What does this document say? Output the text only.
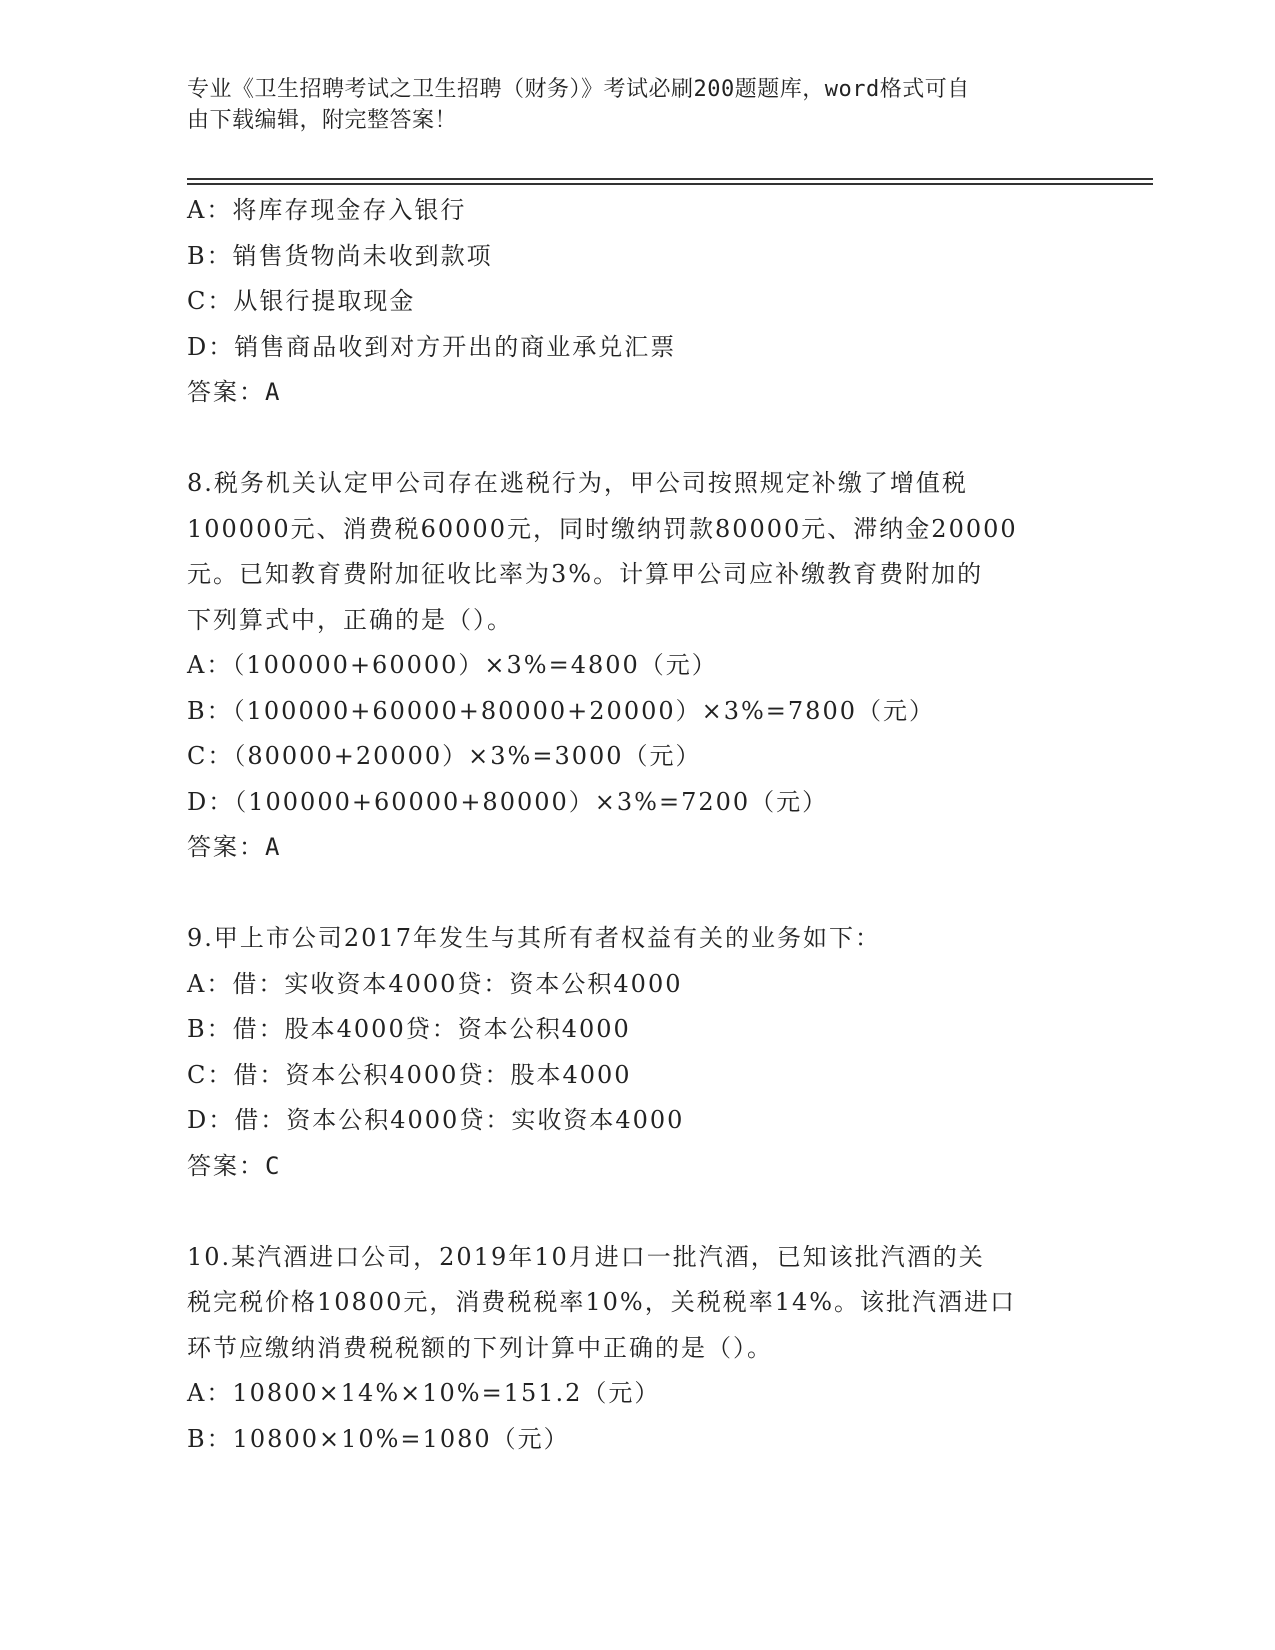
专业《卫生招聘考试之卫生招聘（财务）》考试必刷200题题库，word格式可自
由下载编辑，附完整答案！
A：将库存现金存入银行
B：销售货物尚未收到款项
C：从银行提取现金
D：销售商品收到对方开出的商业承兑汇票
答案：A
8.税务机关认定甲公司存在逃税行为，甲公司按照规定补缴了增值税
100000元、消费税60000元，同时缴纳罚款80000元、滞纳金20000
元。已知教育费附加征收比率为3%。计算甲公司应补缴教育费附加的
下列算式中，正确的是（）。
A：（100000+60000）×3%=4800（元）
B：（100000+60000+80000+20000）×3%=7800（元）
C：（80000+20000）×3%=3000（元）
D：（100000+60000+80000）×3%=7200（元）
答案：A
9.甲上市公司2017年发生与其所有者权益有关的业务如下：
A：借：实收资本4000贷：资本公积4000
B：借：股本4000贷：资本公积4000
C：借：资本公积4000贷：股本4000
D：借：资本公积4000贷：实收资本4000
答案：C
10.某汽酒进口公司，2019年10月进口一批汽酒，已知该批汽酒的关
税完税价格10800元，消费税税率10%，关税税率14%。该批汽酒进口
环节应缴纳消费税税额的下列计算中正确的是（）。
A：10800×14%×10%=151.2（元）
B：10800×10%=1080（元）
